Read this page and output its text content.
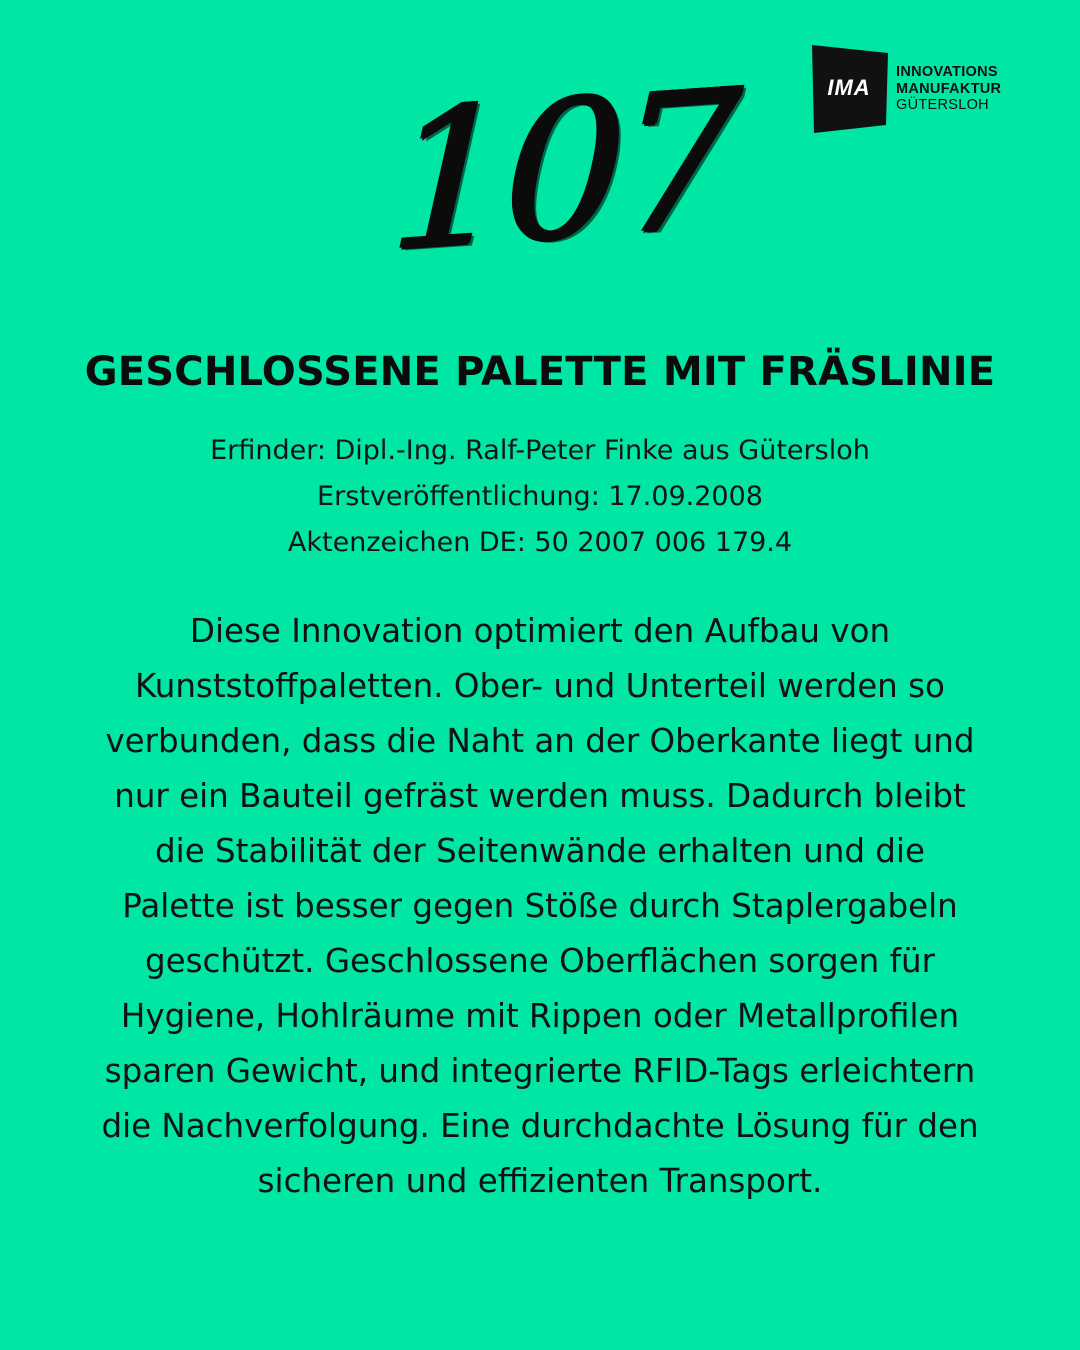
107	IMA
INNOVATIONS
MANUFAKTUR
GÜTERSLOH
GESCHLOSSENE PALETTE MIT FRÄSLINIE
Erfinder: Dipl.-Ing. Ralf-Peter Finke aus Gütersloh
Erstveröffentlichung: 17.09.2008
Aktenzeichen DE: 50 2007 006 179.4
Diese Innovation optimiert den Aufbau von Kunststoffpaletten. Ober- und Unterteil werden so verbunden, dass die Naht an der Oberkante liegt und nur ein Bauteil gefräst werden muss. Dadurch bleibt die Stabilität der Seitenwände erhalten und die Palette ist besser gegen Stöße durch Staplergabeln geschützt. Geschlossene Oberflächen sorgen für Hygiene, Hohlräume mit Rippen oder Metallprofilen sparen Gewicht, und integrierte RFID-Tags erleichtern die Nachverfolgung. Eine durchdachte Lösung für den sicheren und effizienten Transport.
